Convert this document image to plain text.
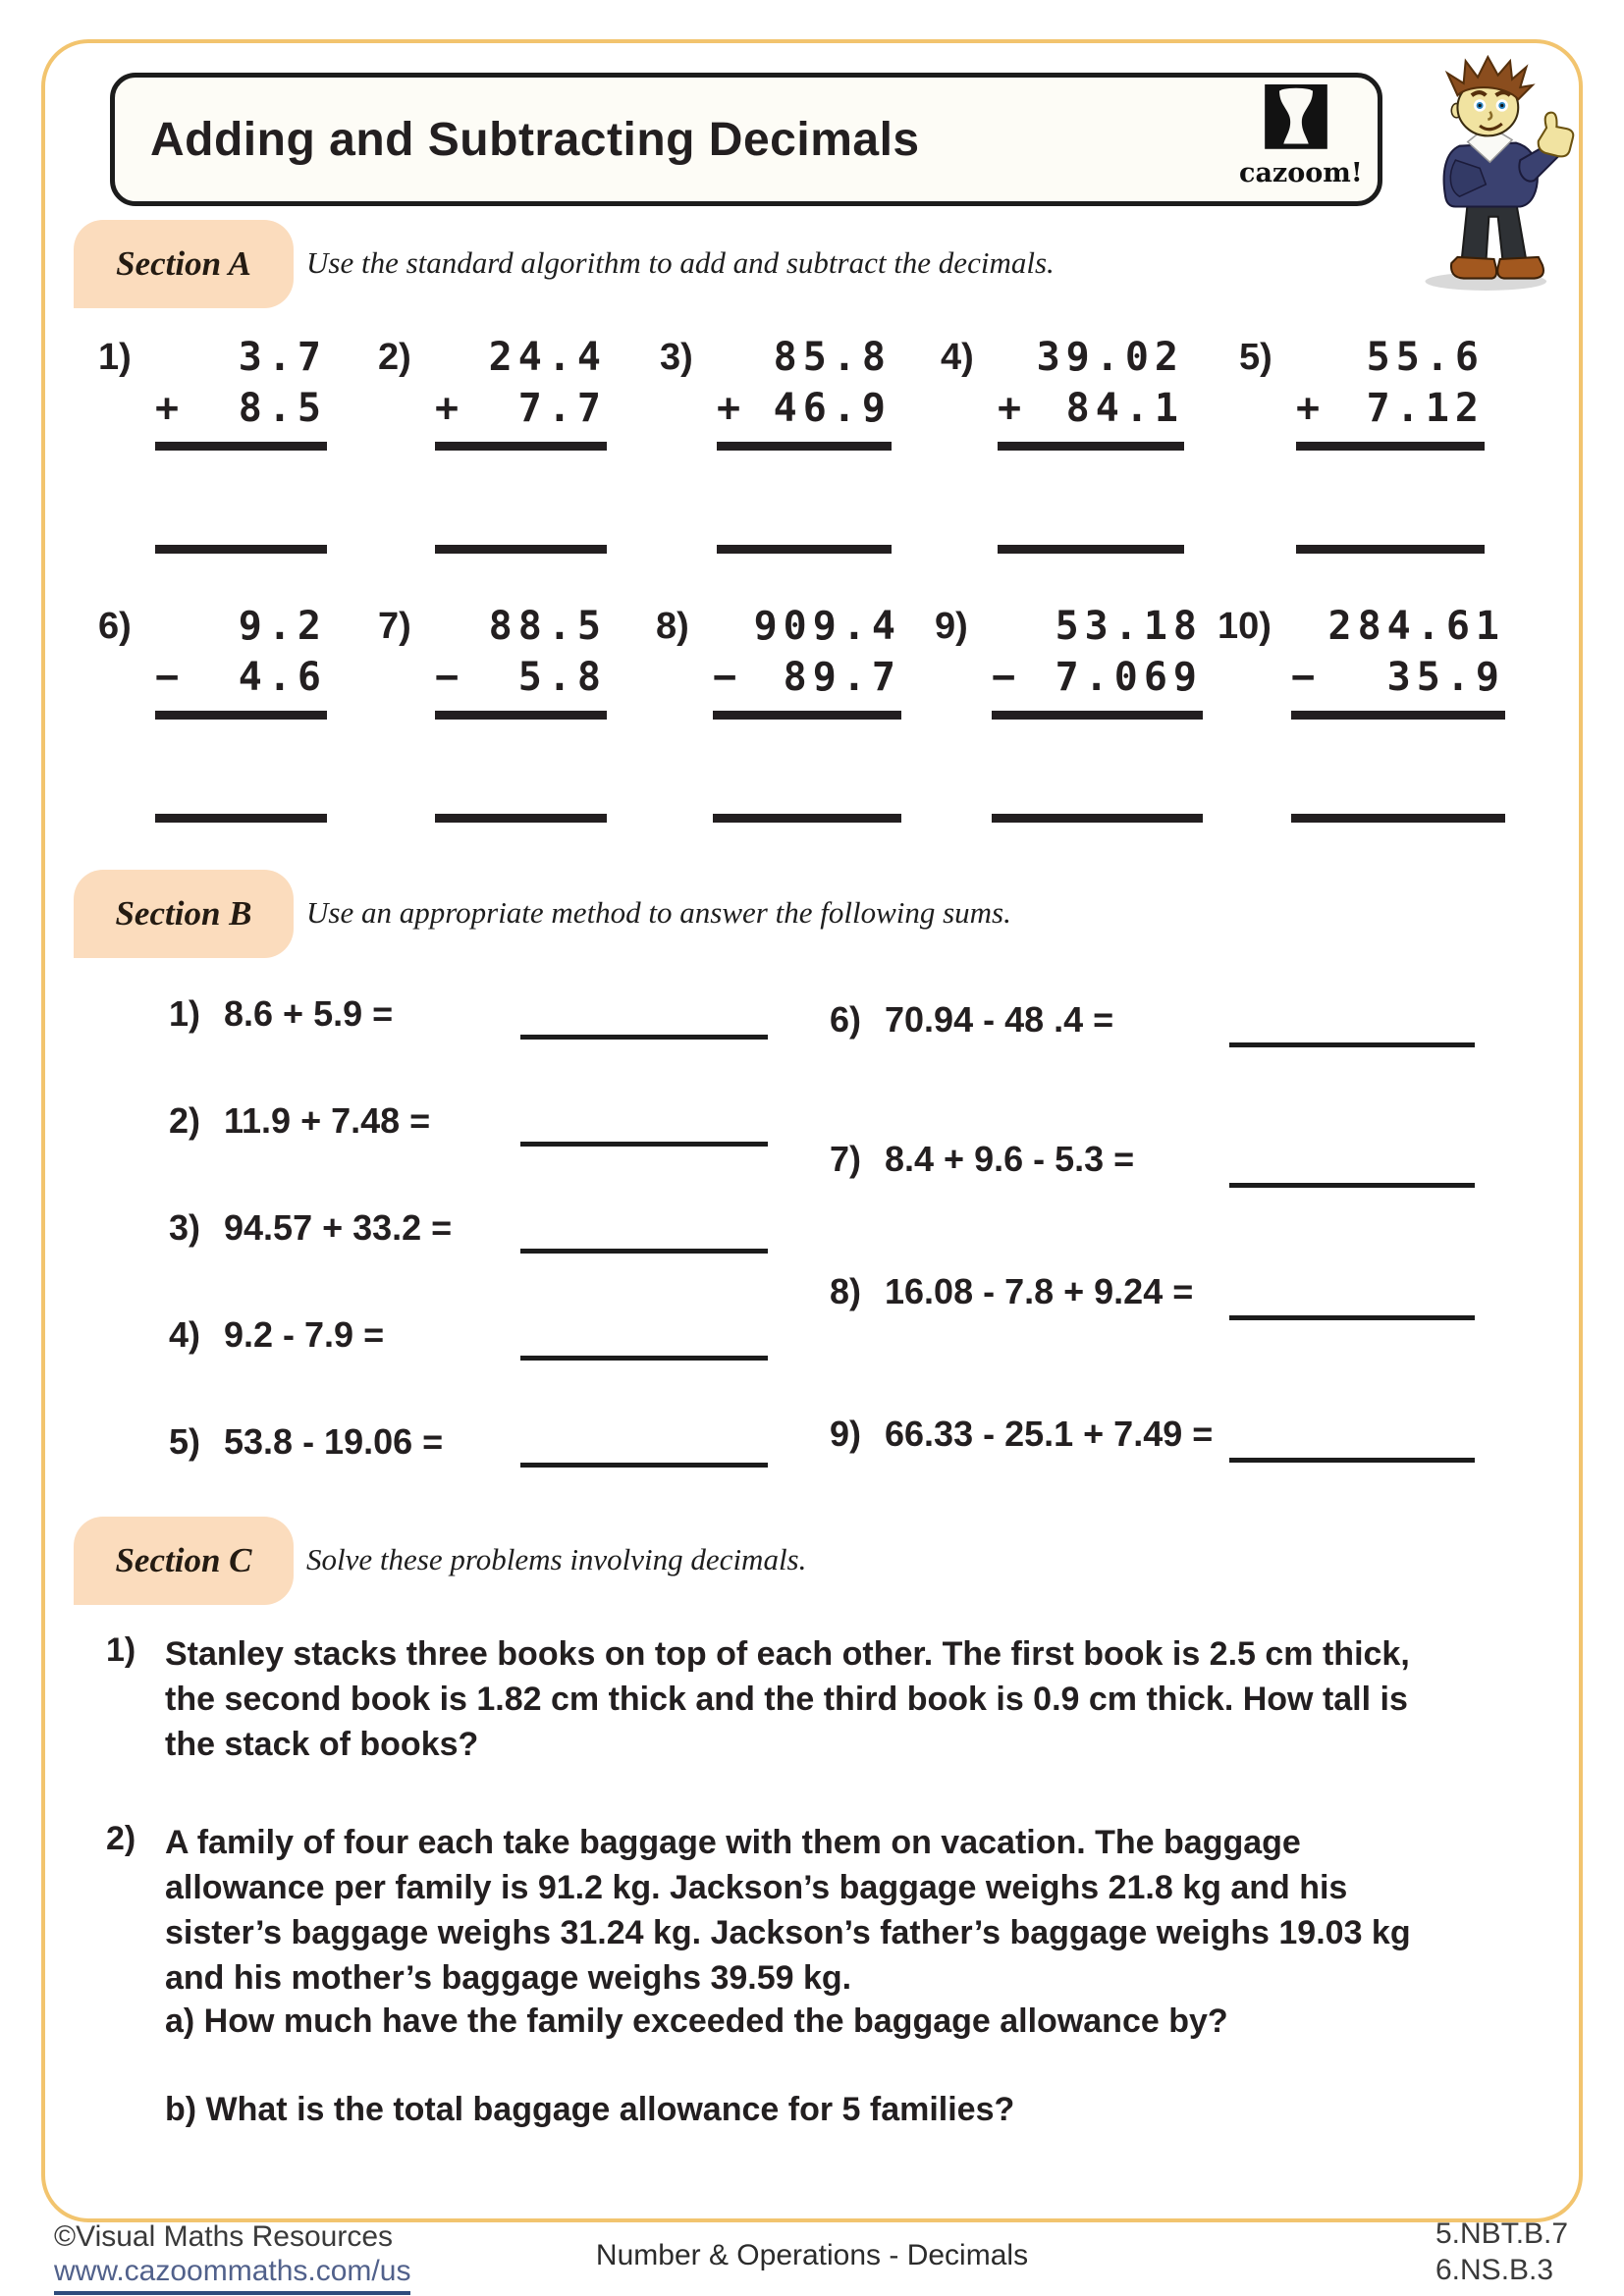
Adding and Subtracting Decimals
cazoom!
Section A Use the standard algorithm to add and subtract the decimals.
Section B Use an appropriate method to answer the following sums.
Section C Solve these problems involving decimals.
1) Stanley stacks three books on top of each other. The first book is 2.5 cm thick,
the second book is 1.82 cm thick and the third book is 0.9 cm thick. How tall is
the stack of books?
2) A family of four each take baggage with them on vacation. The baggage
allowance per family is 91.2 kg. Jackson’s baggage weighs 21.8 kg and his
sister’s baggage weighs 31.24 kg. Jackson’s father’s baggage weighs 19.03 kg
and his mother’s baggage weighs 39.59 kg.
a) How much have the family exceeded the baggage allowance by?
b) What is the total baggage allowance for 5 families?
©Visual Maths Resources
www.cazoommaths.com/us	Number & Operations - Decimals
5.NBT.B.7
6.NS.B.3
1)	3.7
+ 8.5
2)	24.4
+ 7.7
3)	85.8
+ 46.9
4)	39.02
+ 84.1
5)	55.6
+ 7.12
6)	9.2
− 4.6
7)	88.5
− 5.8
8)	909.4
− 89.7
9)	53.18
− 7.069
10)	284.61
− 35.9
1) 8.6 + 5.9 =
2) 11.9 + 7.48 =
3) 94.57 + 33.2 =
4) 9.2 - 7.9 =
5) 53.8 - 19.06 =
6) 70.94 - 48 .4 =
7) 8.4 + 9.6 - 5.3 =
8) 16.08 - 7.8 + 9.24 =
9) 66.33 - 25.1 + 7.49 =
